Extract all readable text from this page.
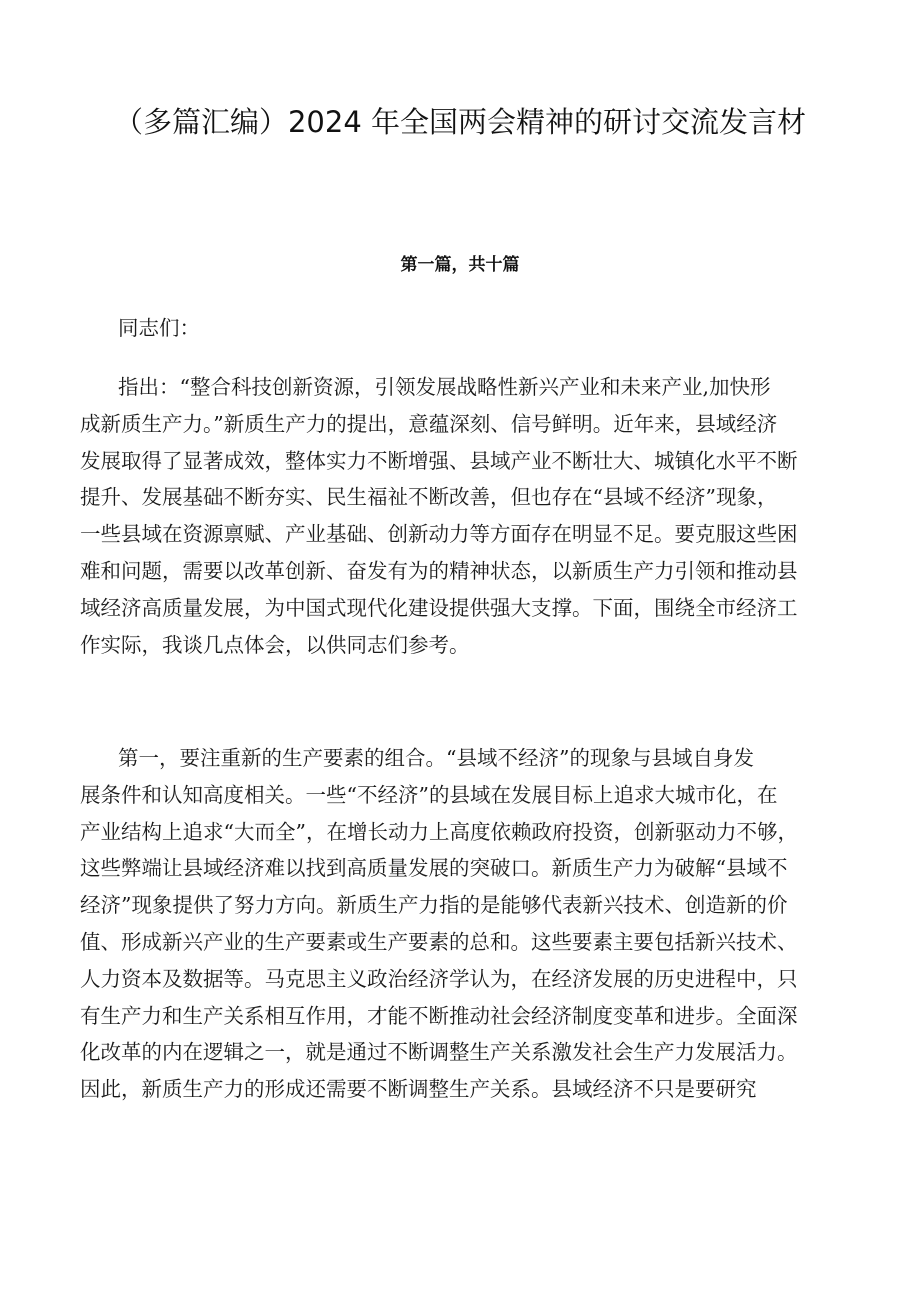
（多篇汇编）2024 年全国两会精神的研讨交流发言材
第一篇，共十篇

同志们：

指出：“整合科技创新资源，引领发展战略性新兴产业和未来产业,加快形
成新质生产力。”新质生产力的提出，意蕴深刻、信号鲜明。近年来，县域经济
发展取得了显著成效，整体实力不断增强、县域产业不断壮大、城镇化水平不断
提升、发展基础不断夯实、民生福祉不断改善，但也存在“县域不经济”现象，
一些县域在资源禀赋、产业基础、创新动力等方面存在明显不足。要克服这些困
难和问题，需要以改革创新、奋发有为的精神状态，以新质生产力引领和推动县
域经济高质量发展，为中国式现代化建设提供强大支撑。下面，围绕全市经济工
作实际，我谈几点体会，以供同志们参考。

第一，要注重新的生产要素的组合。“县域不经济”的现象与县域自身发
展条件和认知高度相关。一些“不经济”的县域在发展目标上追求大城市化，在
产业结构上追求“大而全”，在增长动力上高度依赖政府投资，创新驱动力不够，
这些弊端让县域经济难以找到高质量发展的突破口。新质生产力为破解“县域不
经济”现象提供了努力方向。新质生产力指的是能够代表新兴技术、创造新的价
值、形成新兴产业的生产要素或生产要素的总和。这些要素主要包括新兴技术、
人力资本及数据等。马克思主义政治经济学认为，在经济发展的历史进程中，只
有生产力和生产关系相互作用，才能不断推动社会经济制度变革和进步。全面深
化改革的内在逻辑之一，就是通过不断调整生产关系激发社会生产力发展活力。
因此，新质生产力的形成还需要不断调整生产关系。县域经济不只是要研究
